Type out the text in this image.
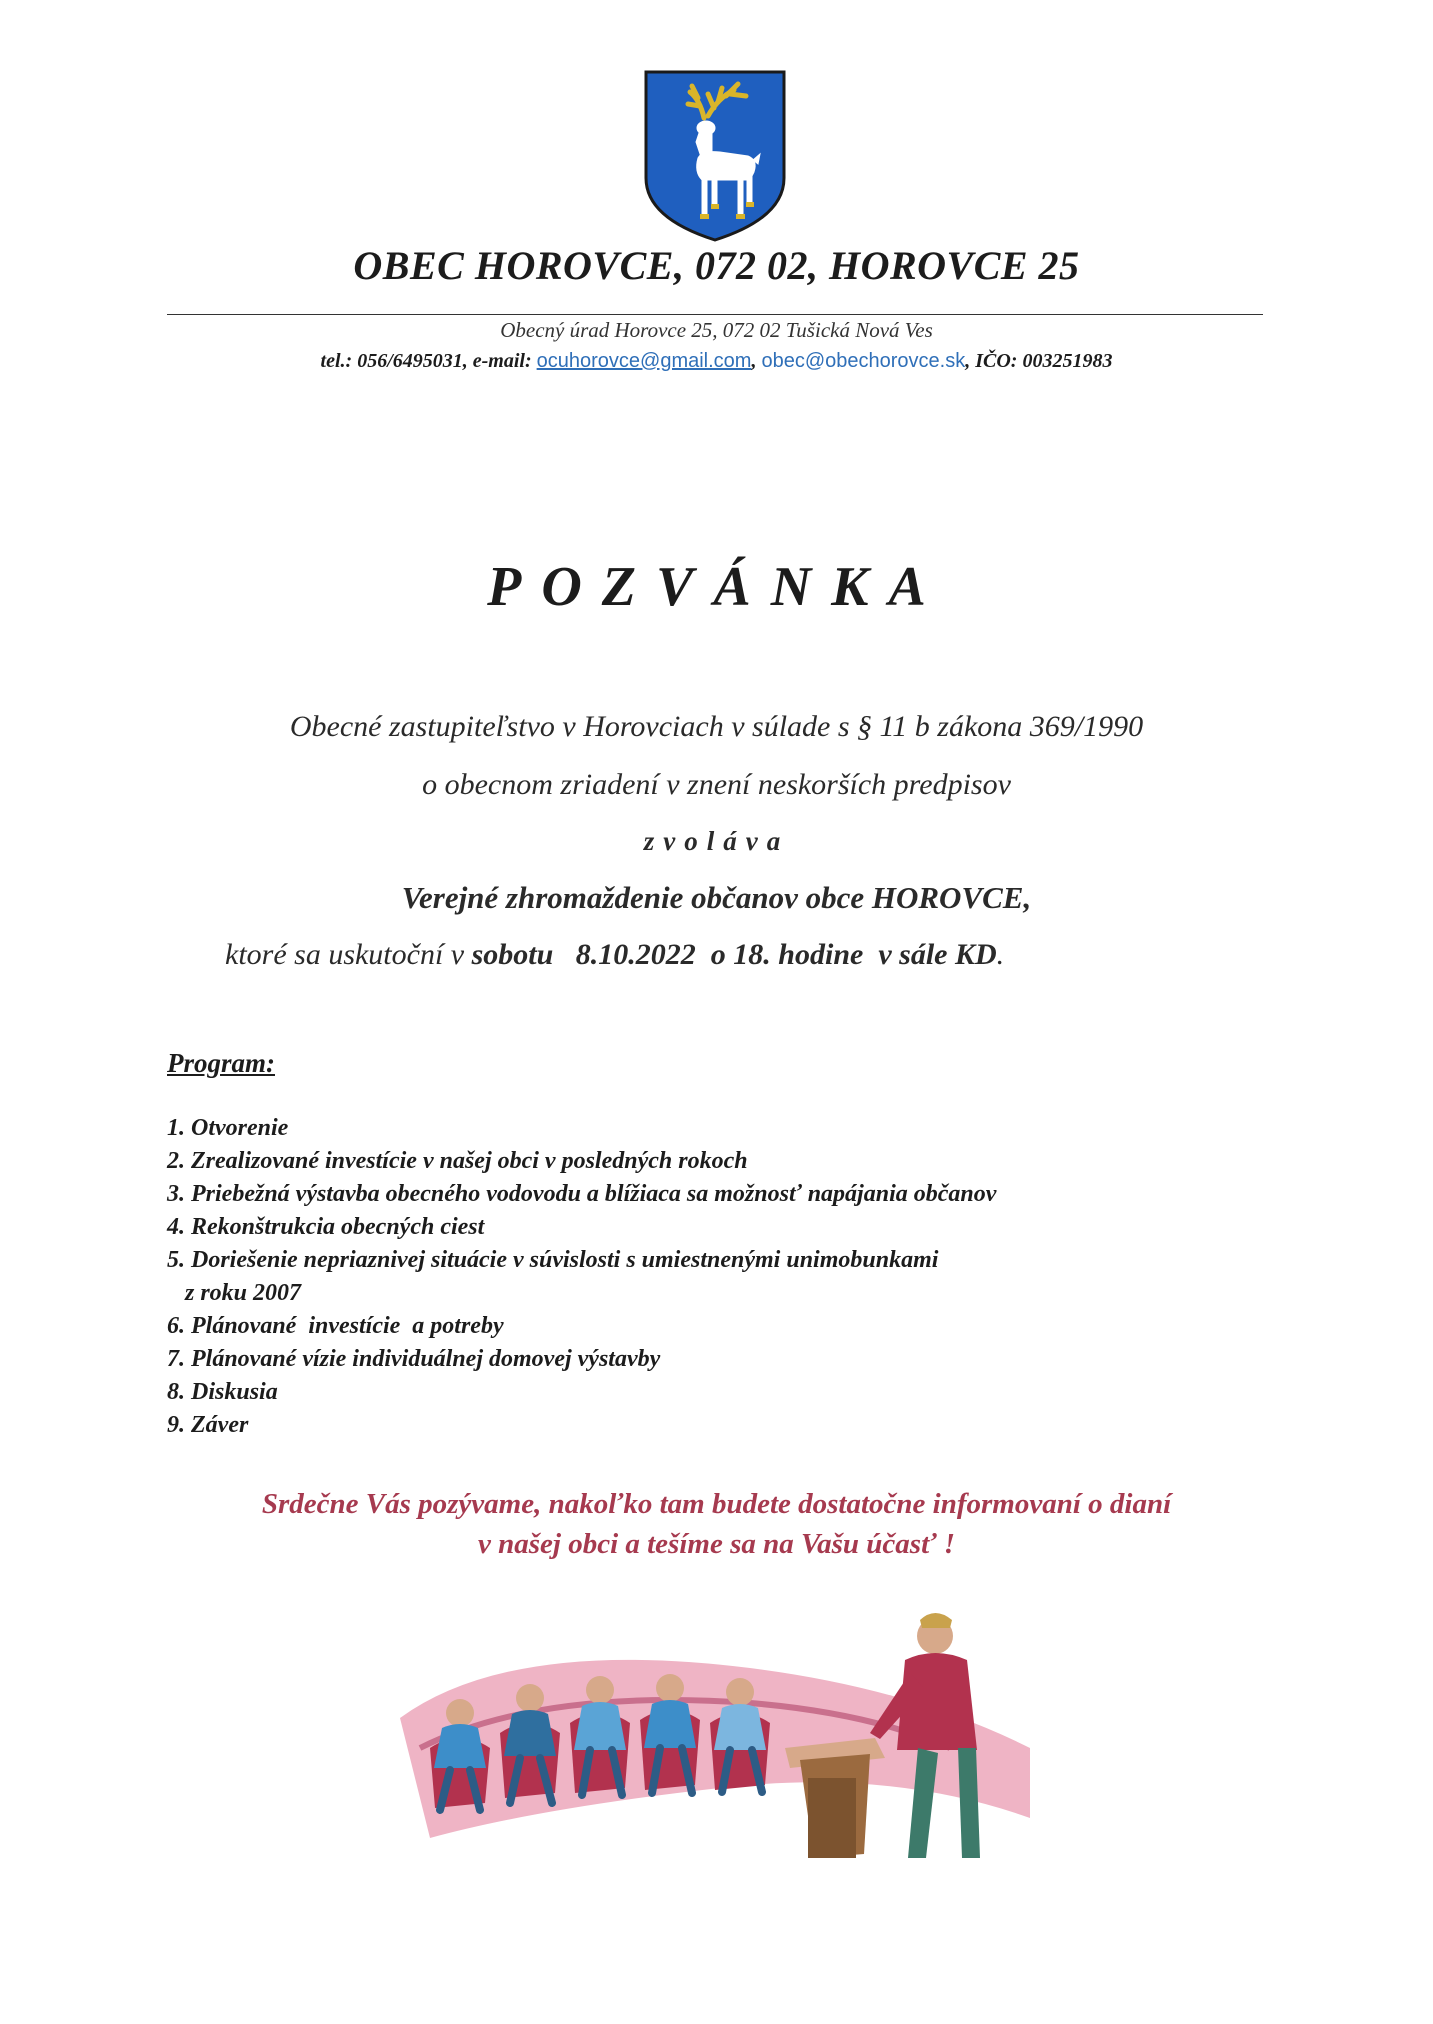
OBEC HOROVCE, 072 02, HOROVCE 25
Obecný úrad Horovce 25, 072 02 Tušická Nová Ves
tel.: 056/6495031, e-mail: ocuhorovce@gmail.com, obec@obechorovce.sk, IČO: 003251983
POZVÁNKA
Obecné zastupiteľstvo v Horovciach v súlade s § 11 b zákona 369/1990
o obecnom zriadení v znení neskorších predpisov
zvoláva
Verejné zhromaždenie občanov obce HOROVCE,
ktoré sa uskutoční v sobotu   8.10.2022  o 18. hodine  v sále KD.
Program:
1. Otvorenie
2. Zrealizované investície v našej obci v posledných rokoch
3. Priebežná výstavba obecného vodovodu a blížiaca sa možnosť napájania občanov
4. Rekonštrukcia obecných ciest
5. Doriešenie nepriaznivej situácie v súvislosti s umiestnenými unimobunkami
z roku 2007
6. Plánované  investície  a potreby
7. Plánované vízie individuálnej domovej výstavby
8. Diskusia
9. Záver
Srdečne Vás pozývame, nakoľko tam budete dostatočne informovaní o dianí
v našej obci a tešíme sa na Vašu účasť !
